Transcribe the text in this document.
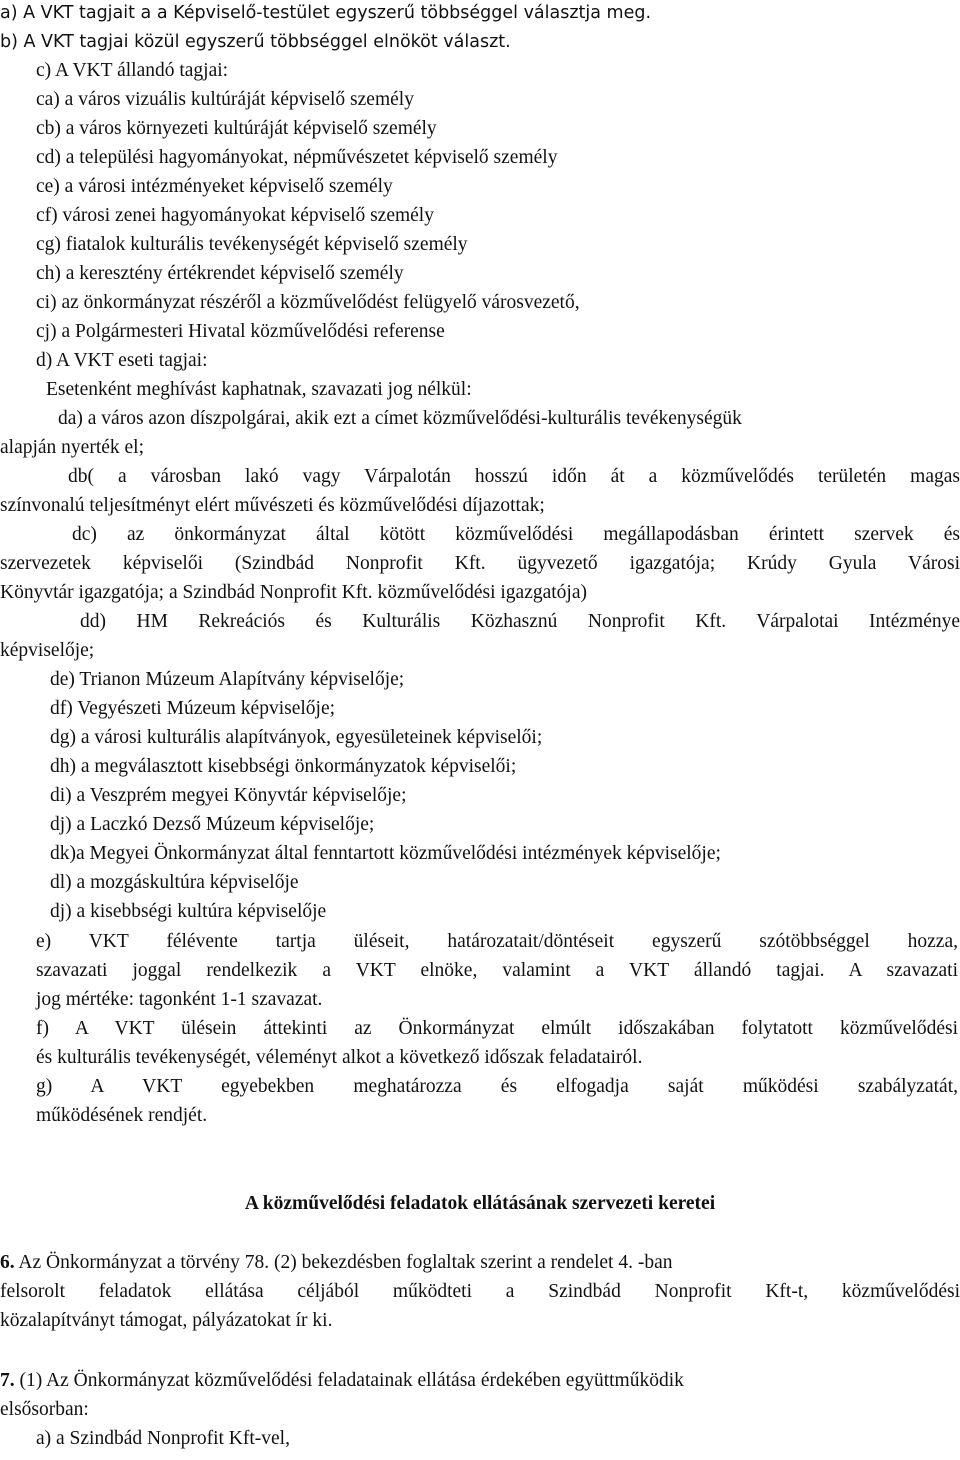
a) A VKT tagjait a a Képviselő-testület egyszerű többséggel választja meg.

b) A VKT tagjai közül egyszerű többséggel elnököt választ.

c) A VKT állandó tagjai:

ca) a város vizuális kultúráját képviselő személy

cb) a város környezeti kultúráját képviselő személy

cd) a települési hagyományokat, népművészetet képviselő személy

ce) a városi intézményeket képviselő személy

cf) városi zenei hagyományokat képviselő személy

cg) fiatalok kulturális tevékenységét képviselő személy

ch) a keresztény értékrendet képviselő személy

ci) az önkormányzat részéről a közművelődést felügyelő városvezető,

cj) a Polgármesteri Hivatal közművelődési referense

d) A VKT eseti tagjai:

Esetenként meghívást kaphatnak, szavazati jog nélkül:

da) a város azon díszpolgárai, akik ezt a címet közművelődési-kulturális tevékenységük

alapján nyerték el;

db( a városban lakó vagy Várpalotán hosszú időn át a közművelődés területén magas

színvonalú teljesítményt elért művészeti és közművelődési díjazottak;

dc) az önkormányzat által kötött közművelődési megállapodásban érintett szervek és

szervezetek képviselői (Szindbád Nonprofit Kft. ügyvezető igazgatója; Krúdy Gyula Városi

Könyvtár igazgatója; a Szindbád Nonprofit Kft. közművelődési igazgatója)

dd) HM Rekreációs és Kulturális Közhasznú Nonprofit Kft. Várpalotai Intézménye

képviselője;

de) Trianon Múzeum Alapítvány képviselője;

df) Vegyészeti Múzeum képviselője;

dg) a városi kulturális alapítványok, egyesületeinek képviselői;

dh) a megválasztott kisebbségi önkormányzatok képviselői;

di) a Veszprém megyei Könyvtár képviselője;

dj) a Laczkó Dezső Múzeum képviselője;

dk)a Megyei Önkormányzat által fenntartott közművelődési intézmények képviselője;

dl) a mozgáskultúra képviselője

dj) a kisebbségi kultúra képviselője

e) VKT félévente tartja üléseit, határozatait/döntéseit egyszerű szótöbbséggel hozza,

szavazati joggal rendelkezik a VKT elnöke, valamint a VKT állandó tagjai. A szavazati

jog mértéke: tagonként 1-1 szavazat.

f) A VKT ülésein áttekinti az Önkormányzat elmúlt időszakában folytatott közművelődési

és kulturális tevékenységét, véleményt alkot a következő időszak feladatairól.

g) A VKT egyebekben meghatározza és elfogadja saját működési szabályzatát,

működésének rendjét.

A közművelődési feladatok ellátásának szervezeti keretei

6. Az Önkormányzat a törvény 78. (2) bekezdésben foglaltak szerint a rendelet 4. -ban

felsorolt feladatok ellátása céljából működteti a Szindbád Nonprofit Kft-t, közművelődési

közalapítványt támogat, pályázatokat ír ki.

7. (1) Az Önkormányzat közművelődési feladatainak ellátása érdekében együttműködik

elsősorban:

a) a Szindbád Nonprofit Kft-vel,
